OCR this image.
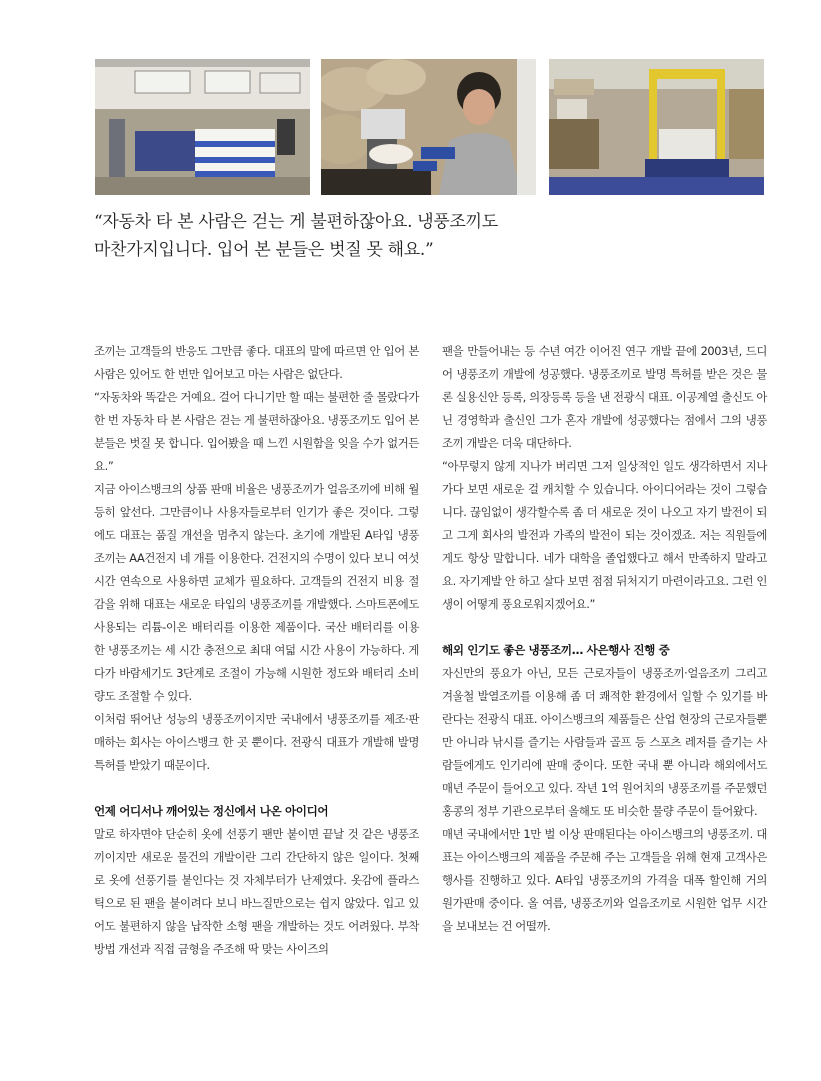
“자동차 타 본 사람은 걷는 게 불편하잖아요. 냉풍조끼도
마찬가지입니다. 입어 본 분들은 벗질 못 해요.”

조끼는 고객들의 반응도 그만큼 좋다. 대표의 말에 따르면 안 입어 본 사람은 있어도 한 번만 입어보고 마는 사람은 없단다.

“자동차와 똑같은 거예요. 걸어 다니기만 할 때는 불편한 줄 몰랐다가 한 번 자동차 타 본 사람은 걷는 게 불편하잖아요. 냉풍조끼도 입어 본 분들은 벗질 못 합니다. 입어봤을 때 느낀 시원함을 잊을 수가 없거든요.”

지금 아이스뱅크의 상품 판매 비율은 냉풍조끼가 얼음조끼에 비해 월등히 앞선다. 그만큼이나 사용자들로부터 인기가 좋은 것이다. 그렇에도 대표는 품질 개선을 멈추지 않는다. 초기에 개발된 A타입 냉풍조끼는 AA건전지 네 개를 이용한다. 건전지의 수명이 있다 보니 여섯 시간 연속으로 사용하면 교체가 필요하다. 고객들의 건전지 비용 절감을 위해 대표는 새로운 타입의 냉풍조끼를 개발했다. 스마트폰에도 사용되는 리튬-이온 배터리를 이용한 제품이다. 국산 배터리를 이용한 냉풍조끼는 세 시간 충전으로 최대 여덟 시간 사용이 가능하다. 게다가 바람세기도 3단계로 조절이 가능해 시원한 정도와 배터리 소비량도 조절할 수 있다.

이처럼 뛰어난 성능의 냉풍조끼이지만 국내에서 냉풍조끼를 제조·판매하는 회사는 아이스뱅크 한 곳 뿐이다. 전광식 대표가 개발해 발명 특허를 받았기 때문이다.

언제 어디서나 깨어있는 정신에서 나온 아이디어

말로 하자면야 단순히 옷에 선풍기 팬만 붙이면 끝날 것 같은 냉풍조끼이지만 새로운 물건의 개발이란 그리 간단하지 않은 일이다. 첫째로 옷에 선풍기를 붙인다는 것 자체부터가 난제였다. 옷감에 플라스틱으로 된 팬을 붙이려다 보니 바느질만으로는 쉽지 않았다. 입고 있어도 불편하지 않을 납작한 소형 팬을 개발하는 것도 어려웠다. 부착 방법 개선과 직접 금형을 주조해 딱 맞는 사이즈의

팬을 만들어내는 등 수년 여간 이어진 연구 개발 끝에 2003년, 드디어 냉풍조끼 개발에 성공했다. 냉풍조끼로 발명 특허를 받은 것은 물론 실용신안 등록, 의장등록 등을 낸 전광식 대표. 이공계열 출신도 아닌 경영학과 출신인 그가 혼자 개발에 성공했다는 점에서 그의 냉풍조끼 개발은 더욱 대단하다.

“아무렇지 않게 지나가 버리면 그저 일상적인 일도 생각하면서 지나가다 보면 새로운 걸 캐치할 수 있습니다. 아이디어라는 것이 그렇습니다. 끊임없이 생각할수록 좀 더 새로운 것이 나오고 자기 발전이 되고 그게 회사의 발전과 가족의 발전이 되는 것이겠죠. 저는 직원들에게도 항상 말합니다. 네가 대학을 졸업했다고 해서 만족하지 말라고요. 자기계발 안 하고 살다 보면 점점 뒤처지기 마련이라고요. 그런 인생이 어떻게 풍요로워지겠어요.”

해외 인기도 좋은 냉풍조끼… 사은행사 진행 중

자신만의 풍요가 아닌, 모든 근로자들이 냉풍조끼·얼음조끼 그리고 겨울철 발열조끼를 이용해 좀 더 쾌적한 환경에서 일할 수 있기를 바란다는 전광식 대표. 아이스뱅크의 제품들은 산업 현장의 근로자들뿐만 아니라 낚시를 즐기는 사람들과 골프 등 스포츠 레저를 즐기는 사람들에게도 인기리에 판매 중이다. 또한 국내 뿐 아니라 해외에서도 매년 주문이 들어오고 있다. 작년 1억 원어치의 냉풍조끼를 주문했던 홍콩의 정부 기관으로부터 올해도 또 비슷한 물량 주문이 들어왔다.

매년 국내에서만 1만 벌 이상 판매된다는 아이스뱅크의 냉풍조끼. 대표는 아이스뱅크의 제품을 주문해 주는 고객들을 위해 현재 고객사은행사를 진행하고 있다. A타입 냉풍조끼의 가격을 대폭 할인해 거의 원가판매 중이다. 올 여름, 냉풍조끼와 얼음조끼로 시원한 업무 시간을 보내보는 건 어떨까.
